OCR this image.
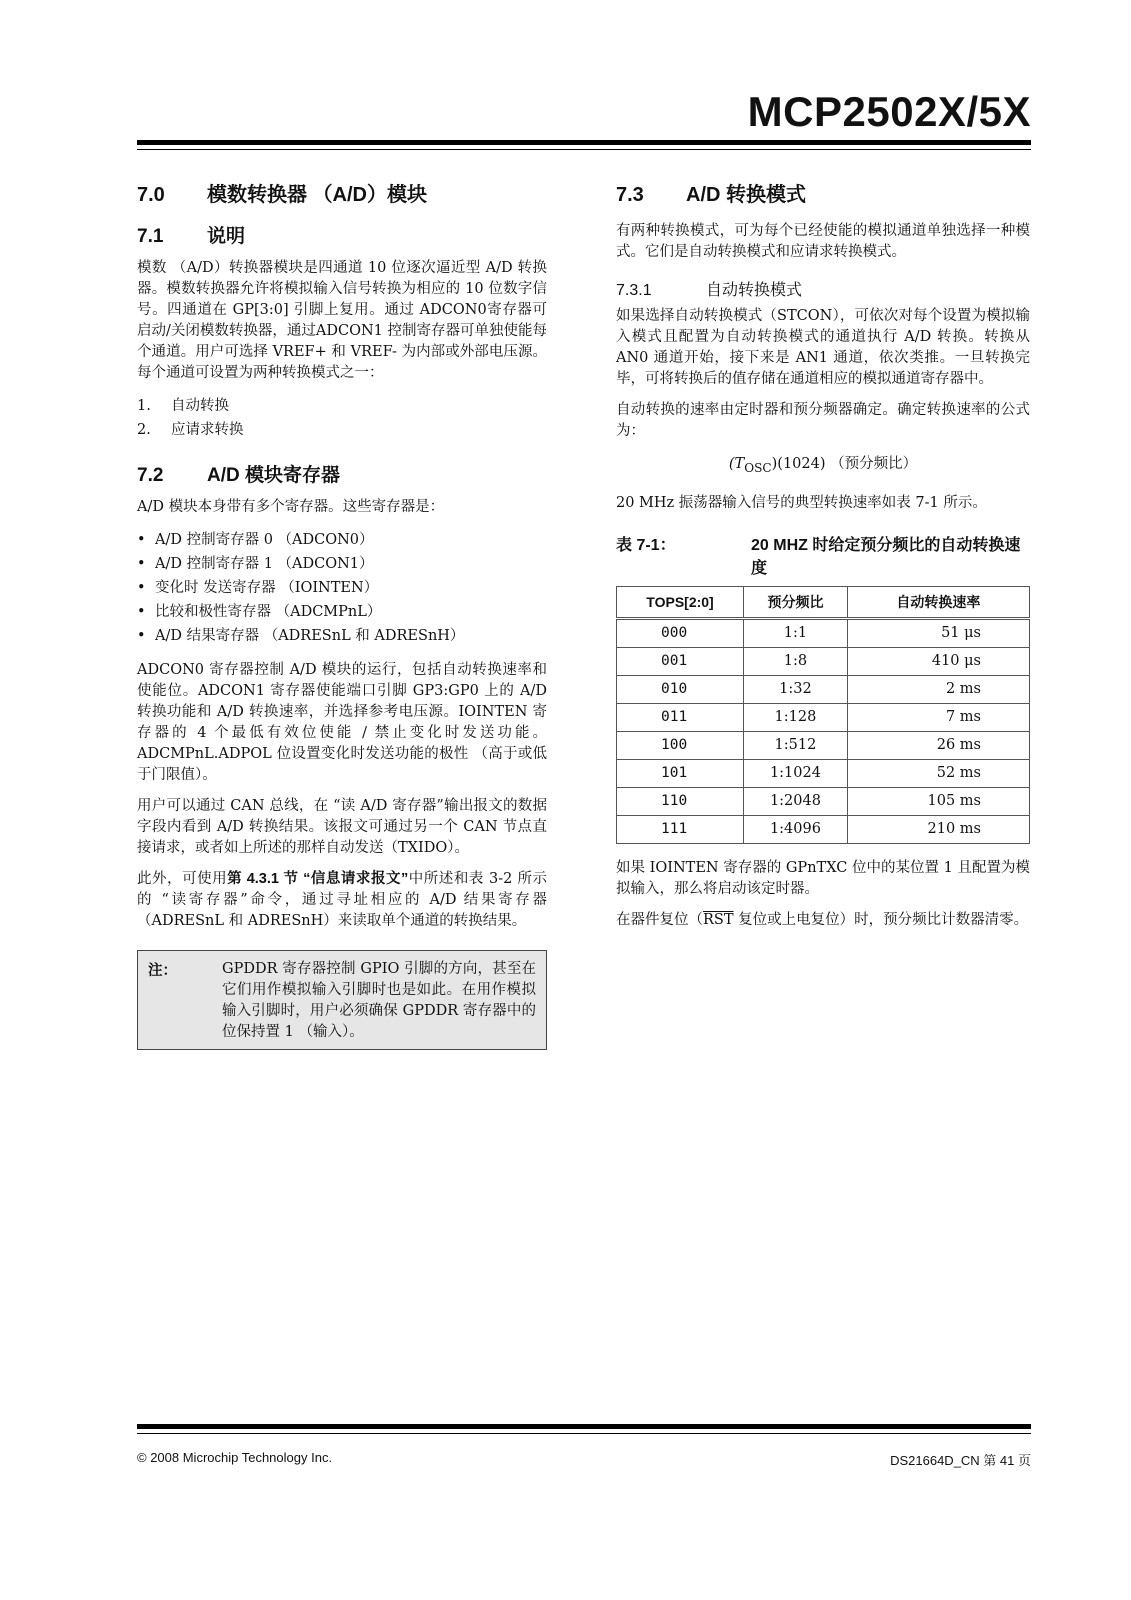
MCP2502X/5X
7.0 模数转换器 （A/D）模块
7.1 说明

模数 （A/D）转换器模块是四通道 10 位逐次逼近型 A/D 转换器。模数转换器允许将模拟输入信号转换为相应的 10 位数字信号。四通道在 GP[3:0] 引脚上复用。通过 ADCON0寄存器可启动/关闭模数转换器，通过ADCON1 控制寄存器可单独使能每个通道。用户可选择 VREF+ 和 VREF- 为内部或外部电压源。每个通道可设置为两种转换模式之一：

1. 自动转换
2. 应请求转换
7.2 A/D 模块寄存器

A/D 模块本身带有多个寄存器。这些寄存器是：

• A/D 控制寄存器 0 （ADCON0）
• A/D 控制寄存器 1 （ADCON1）
• 变化时 发送寄存器 （IOINTEN）
• 比较和极性寄存器 （ADCMPnL）
• A/D 结果寄存器 （ADRESnL 和 ADRESnH）

ADCON0 寄存器控制 A/D 模块的运行，包括自动转换速率和使能位。ADCON1 寄存器使能端口引脚 GP3:GP0 上的 A/D 转换功能和 A/D 转换速率，并选择参考电压源。IOINTEN 寄存器的 4 个最低有效位使能 / 禁止变化时发送功能。ADCMPnL.ADPOL 位设置变化时发送功能的极性 （高于或低于门限值）。

用户可以通过 CAN 总线，在 “读 A/D 寄存器”输出报文的数据字段内看到 A/D 转换结果。该报文可通过另一个 CAN 节点直接请求，或者如上所述的那样自动发送（TXIDO）。

此外，可使用第 4.3.1 节 “信息请求报文”中所述和表 3-2 所示的 “读寄存器”命令，通过寻址相应的 A/D 结果寄存器 （ADRESnL 和 ADRESnH）来读取单个通道的转换结果。

注：	GPDDR 寄存器控制 GPIO 引脚的方向，甚至在它们用作模拟输入引脚时也是如此。在用作模拟输入引脚时，用户必须确保 GPDDR 寄存器中的位保持置 1 （输入）。
7.3 A/D 转换模式

有两种转换模式，可为每个已经使能的模拟通道单独选择一种模式。它们是自动转换模式和应请求转换模式。

7.3.1	自动转换模式

如果选择自动转换模式（STCON），可依次对每个设置为模拟输入模式且配置为自动转换模式的通道执行 A/D 转换。转换从 AN0 通道开始，接下来是 AN1 通道，依次类推。一旦转换完毕，可将转换后的值存储在通道相应的模拟通道寄存器中。

自动转换的速率由定时器和预分频器确定。确定转换速率的公式为：

$(T_{OSC})(1024)$ （预分频比）

20 MHz 振荡器输入信号的典型转换速率如表 7-1 所示。

表 7-1：	20 MHZ 时给定预分频比的自动转换速度
TOPS[2:0]	预分频比	自动转换速率
000	1:1	51 μs
001	1:8	410 μs
010	1:32	2 ms
011	1:128	7 ms
100	1:512	26 ms
101	1:1024	52 ms
110	1:2048	105 ms
111	1:4096	210 ms

如果 IOINTEN 寄存器的 GPnTXC 位中的某位置 1 且配置为模拟输入，那么将启动该定时器。

在器件复位（$\overline{RST}$ 复位或上电复位）时，预分频比计数器清零。

© 2008 Microchip Technology Inc.	DS21664D_CN 第 41 页
